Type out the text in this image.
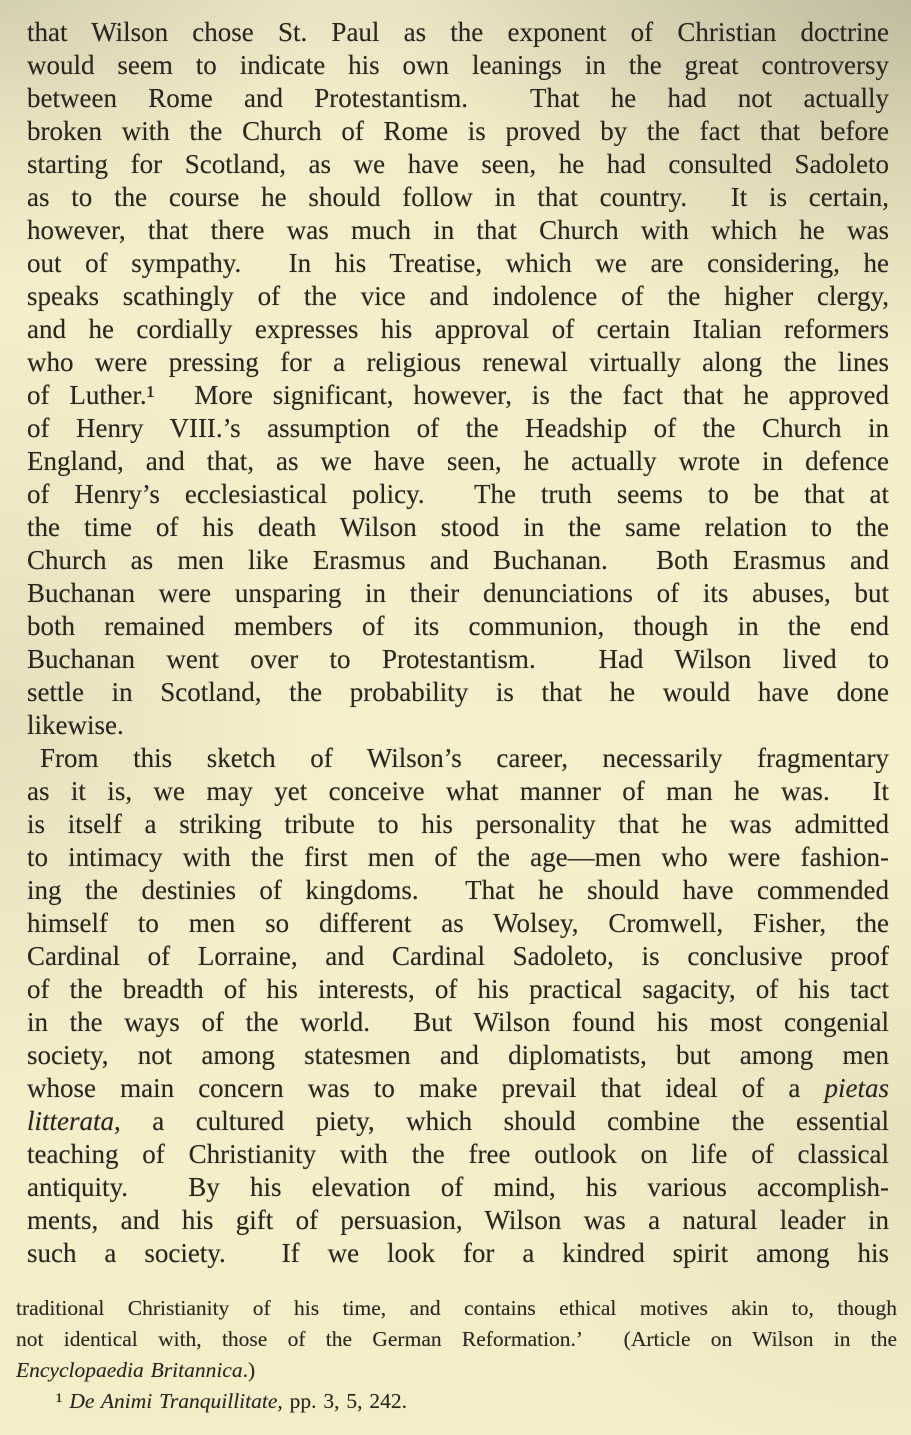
that Wilson chose St. Paul as the exponent of Christian doctrine
would seem to indicate his own leanings in the great controversy
between Rome and Protestantism.  That he had not actually
broken with the Church of Rome is proved by the fact that before
starting for Scotland, as we have seen, he had consulted Sadoleto
as to the course he should follow in that country.  It is certain,
however, that there was much in that Church with which he was
out of sympathy.  In his Treatise, which we are considering, he
speaks scathingly of the vice and indolence of the higher clergy,
and he cordially expresses his approval of certain Italian reformers
who were pressing for a religious renewal virtually along the lines
of Luther.¹  More significant, however, is the fact that he approved
of Henry VIII.’s assumption of the Headship of the Church in
England, and that, as we have seen, he actually wrote in defence
of Henry’s ecclesiastical policy.  The truth seems to be that at
the time of his death Wilson stood in the same relation to the
Church as men like Erasmus and Buchanan.  Both Erasmus and
Buchanan were unsparing in their denunciations of its abuses, but
both remained members of its communion, though in the end
Buchanan went over to Protestantism.  Had Wilson lived to
settle in Scotland, the probability is that he would have done
likewise.
From this sketch of Wilson’s career, necessarily fragmentary
as it is, we may yet conceive what manner of man he was.  It
is itself a striking tribute to his personality that he was admitted
to intimacy with the first men of the age—men who were fashion-
ing the destinies of kingdoms.  That he should have commended
himself to men so different as Wolsey, Cromwell, Fisher, the
Cardinal of Lorraine, and Cardinal Sadoleto, is conclusive proof
of the breadth of his interests, of his practical sagacity, of his tact
in the ways of the world.  But Wilson found his most congenial
society, not among statesmen and diplomatists, but among men
whose main concern was to make prevail that ideal of a pietas
litterata, a cultured piety, which should combine the essential
teaching of Christianity with the free outlook on life of classical
antiquity.  By his elevation of mind, his various accomplish-
ments, and his gift of persuasion, Wilson was a natural leader in
such a society.  If we look for a kindred spirit among his
traditional Christianity of his time, and contains ethical motives akin to, though
not identical with, those of the German Reformation.’  (Article on Wilson in the
Encyclopaedia Britannica.)
¹ De Animi Tranquillitate, pp. 3, 5, 242.
